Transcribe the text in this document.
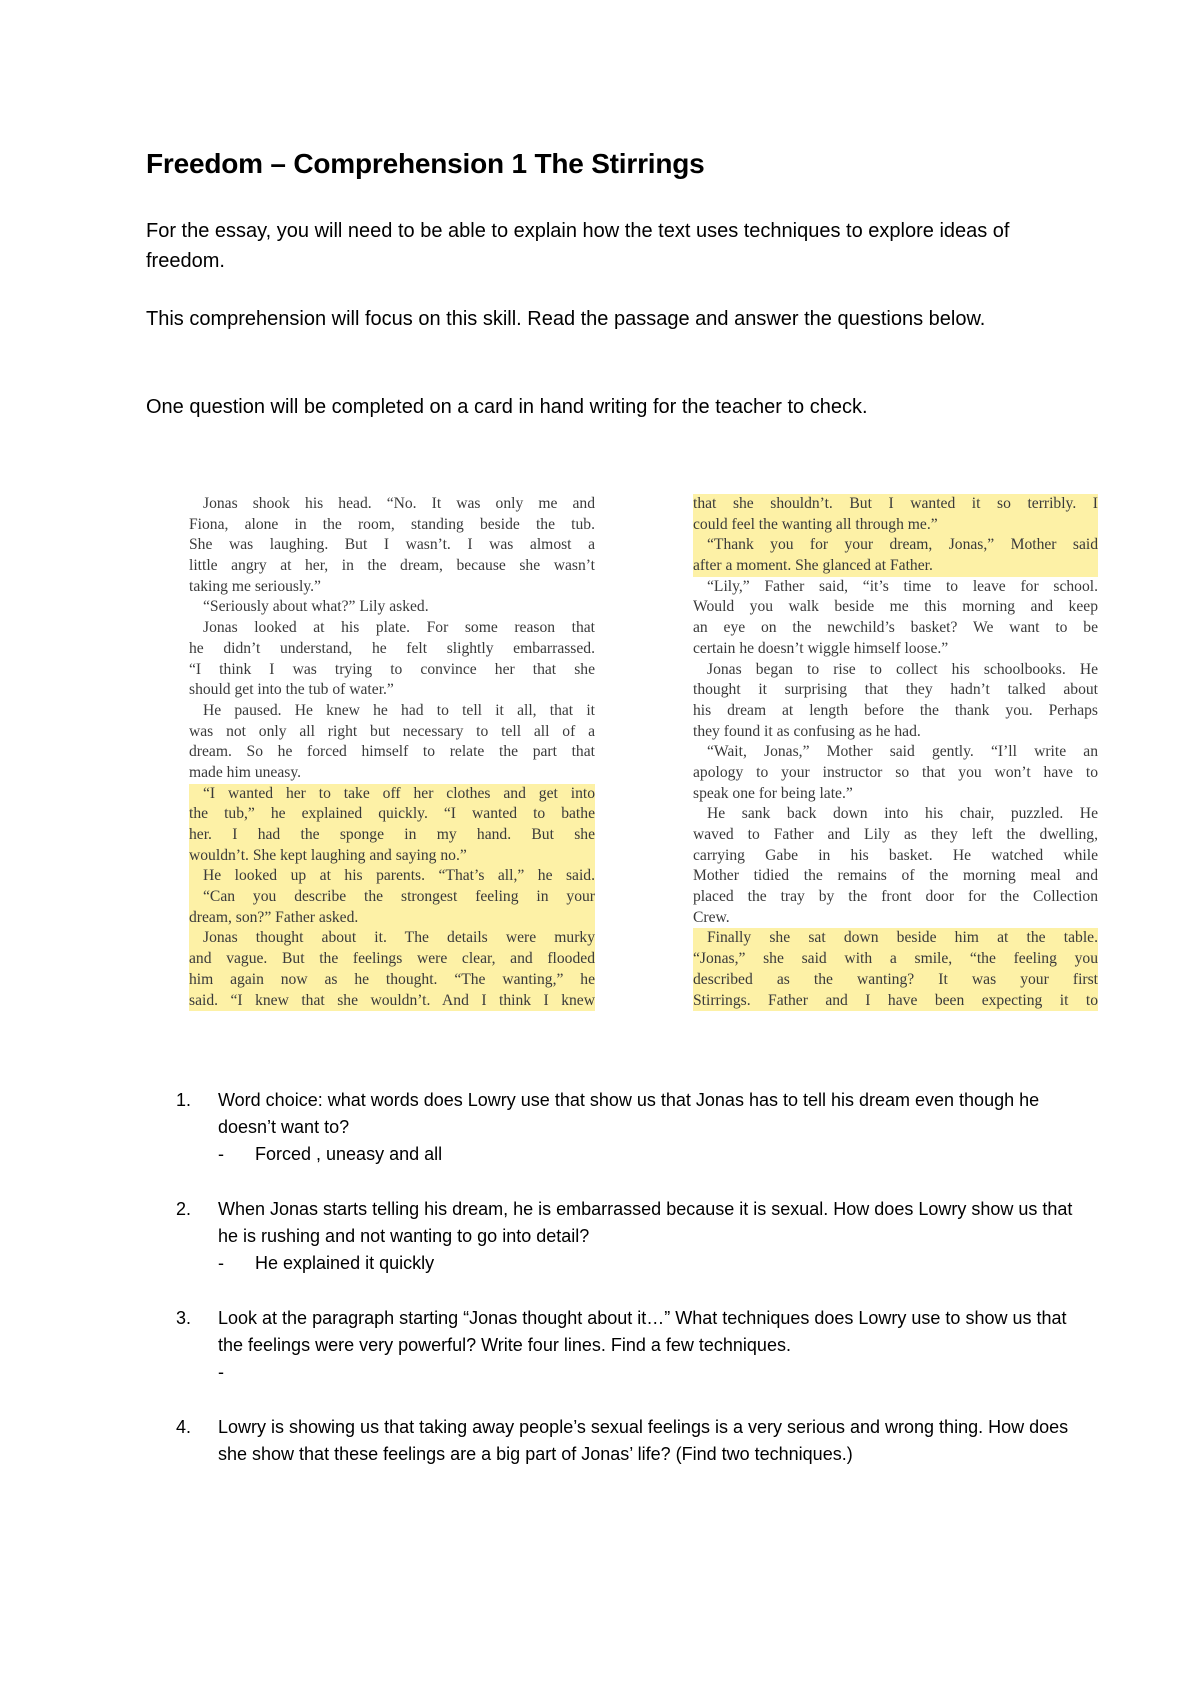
Freedom – Comprehension 1 The Stirrings
For the essay, you will need to be able to explain how the text uses techniques to explore ideas of freedom.
This comprehension will focus on this skill. Read the passage and answer the questions below.
One question will be completed on a card in hand writing for the teacher to check.
Jonas shook his head. “No. It was only me and
Fiona, alone in the room, standing beside the tub.
She was laughing. But I wasn’t. I was almost a
little angry at her, in the dream, because she wasn’t
taking me seriously.”
“Seriously about what?” Lily asked.
Jonas looked at his plate. For some reason that
he didn’t understand, he felt slightly embarrassed.
“I think I was trying to convince her that she
should get into the tub of water.”
He paused. He knew he had to tell it all, that it
was not only all right but necessary to tell all of a
dream. So he forced himself to relate the part that
made him uneasy.
“I wanted her to take off her clothes and get into
the tub,” he explained quickly. “I wanted to bathe
her. I had the sponge in my hand. But she
wouldn’t. She kept laughing and saying no.”
He looked up at his parents. “That’s all,” he said.
“Can you describe the strongest feeling in your
dream, son?” Father asked.
Jonas thought about it. The details were murky
and vague. But the feelings were clear, and flooded
him again now as he thought. “The wanting,” he
said. “I knew that she wouldn’t. And I think I knew
that she shouldn’t. But I wanted it so terribly. I
could feel the wanting all through me.”
“Thank you for your dream, Jonas,” Mother said
after a moment. She glanced at Father.
“Lily,” Father said, “it’s time to leave for school.
Would you walk beside me this morning and keep
an eye on the newchild’s basket? We want to be
certain he doesn’t wiggle himself loose.”
Jonas began to rise to collect his schoolbooks. He
thought it surprising that they hadn’t talked about
his dream at length before the thank you. Perhaps
they found it as confusing as he had.
“Wait, Jonas,” Mother said gently. “I’ll write an
apology to your instructor so that you won’t have to
speak one for being late.”
He sank back down into his chair, puzzled. He
waved to Father and Lily as they left the dwelling,
carrying Gabe in his basket. He watched while
Mother tidied the remains of the morning meal and
placed the tray by the front door for the Collection
Crew.
Finally she sat down beside him at the table.
“Jonas,” she said with a smile, “the feeling you
described as the wanting? It was your first
Stirrings. Father and I have been expecting it to
1.	Word choice: what words does Lowry use that show us that Jonas has to tell his dream even though he doesn’t want to?
- Forced , uneasy and all
2.	When Jonas starts telling his dream, he is embarrassed because it is sexual. How does Lowry show us that he is rushing and not wanting to go into detail?
- He explained it quickly
3.	Look at the paragraph starting “Jonas thought about it…” What techniques does Lowry use to show us that the feelings were very powerful? Write four lines. Find a few techniques.
-
4.	Lowry is showing us that taking away people’s sexual feelings is a very serious and wrong thing. How does she show that these feelings are a big part of Jonas’ life? (Find two techniques.)
